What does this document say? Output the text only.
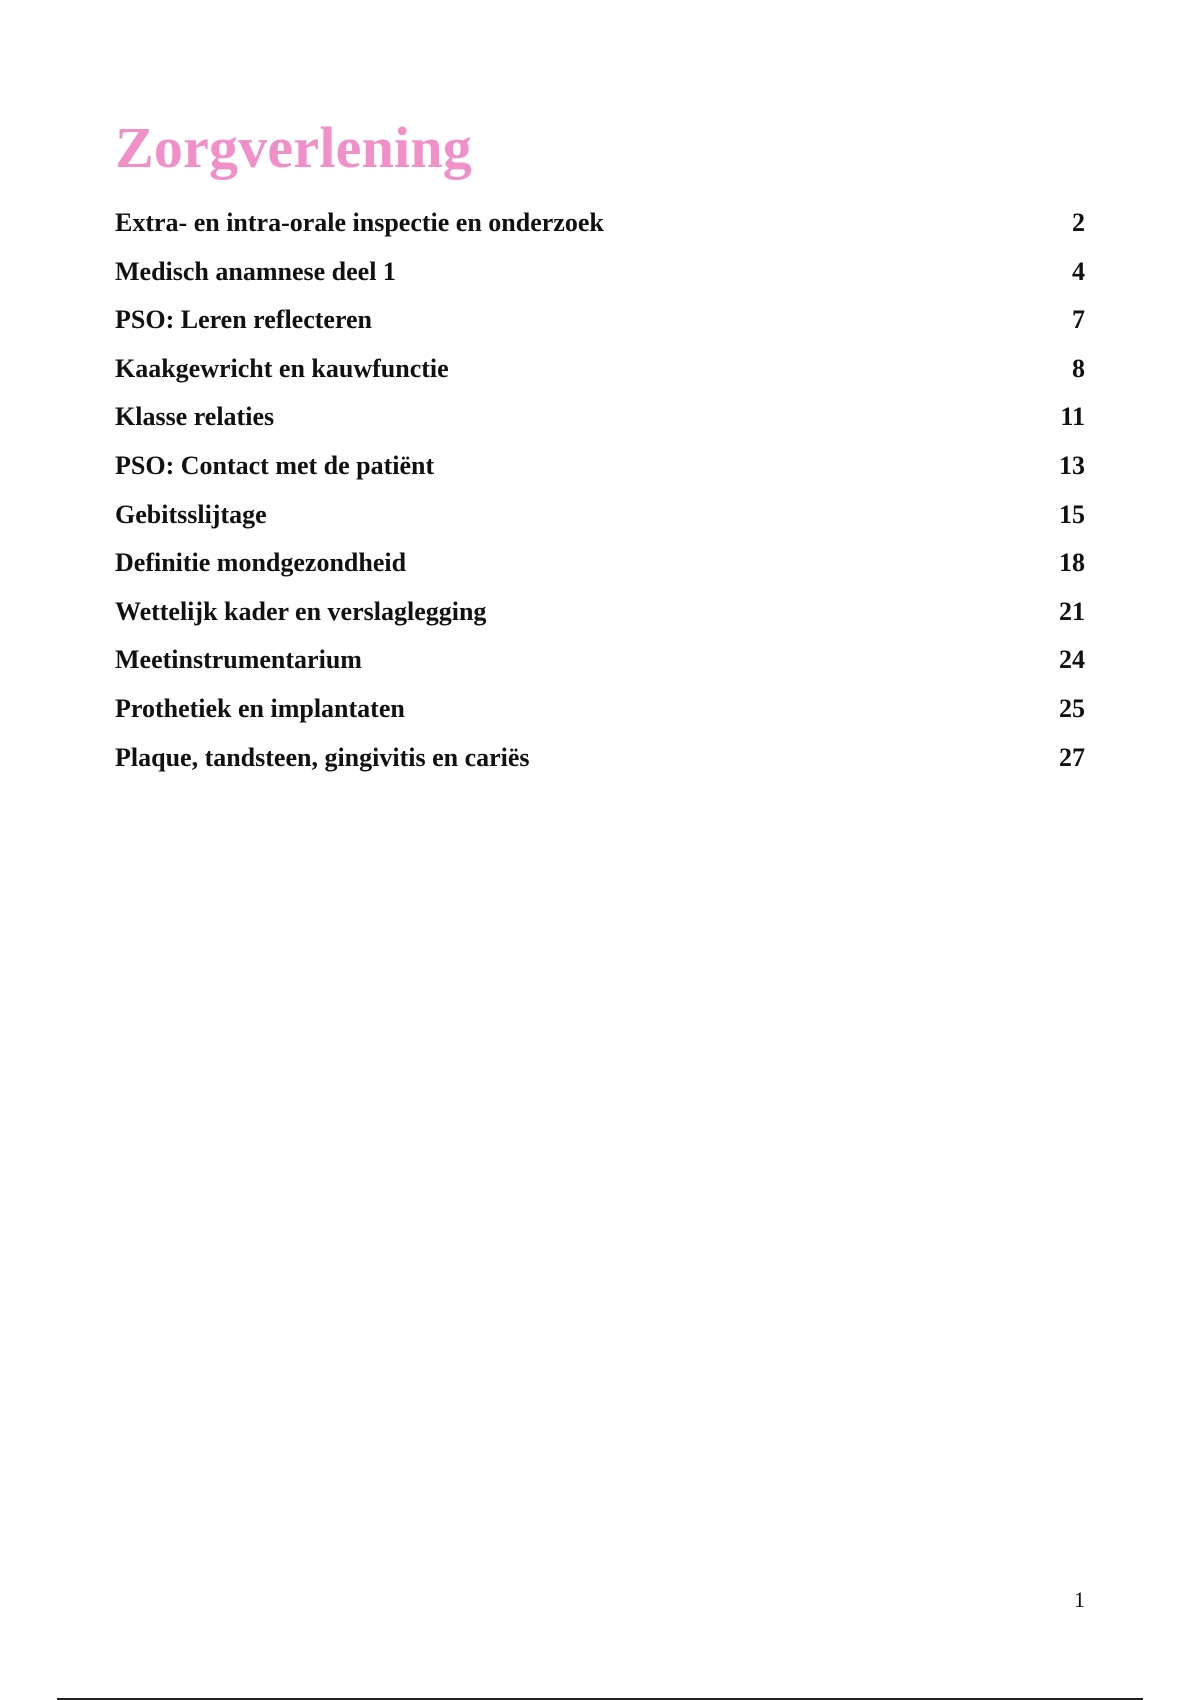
Zorgverlening
Extra- en intra-orale inspectie en onderzoek	2
Medisch anamnese deel 1	4
PSO: Leren reflecteren	7
Kaakgewricht en kauwfunctie	8
Klasse relaties	11
PSO: Contact met de patiënt	13
Gebitsslijtage	15
Definitie mondgezondheid	18
Wettelijk kader en verslaglegging	21
Meetinstrumentarium	24
Prothetiek en implantaten	25
Plaque, tandsteen, gingivitis en cariës	27
1
